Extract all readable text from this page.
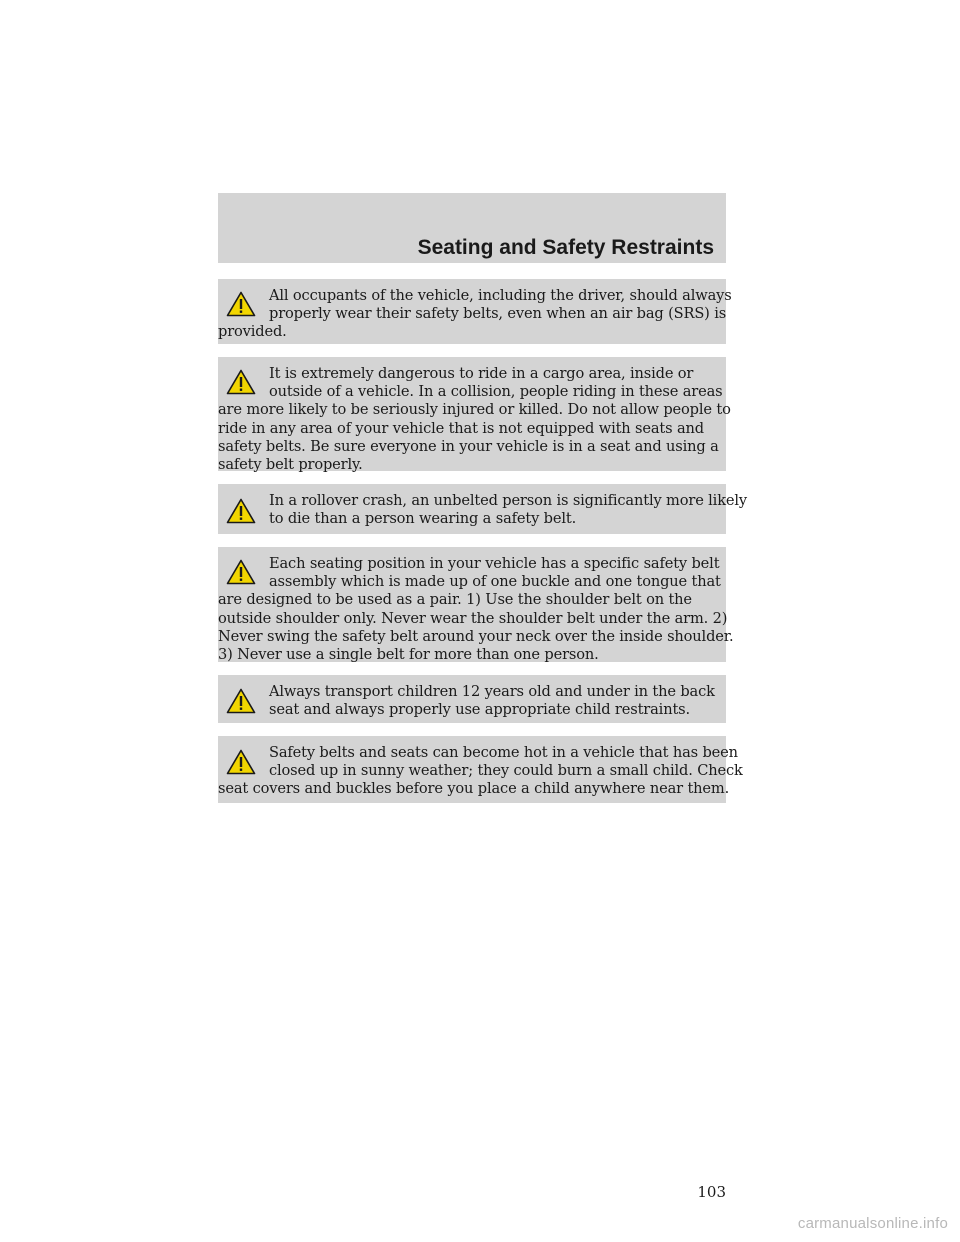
Seating and Safety Restraints

All occupants of the vehicle, including the driver, should always
properly wear their safety belts, even when an air bag (SRS) is
provided.

It is extremely dangerous to ride in a cargo area, inside or
outside of a vehicle. In a collision, people riding in these areas
are more likely to be seriously injured or killed. Do not allow people to
ride in any area of your vehicle that is not equipped with seats and
safety belts. Be sure everyone in your vehicle is in a seat and using a
safety belt properly.

In a rollover crash, an unbelted person is significantly more likely
to die than a person wearing a safety belt.

Each seating position in your vehicle has a specific safety belt
assembly which is made up of one buckle and one tongue that
are designed to be used as a pair. 1) Use the shoulder belt on the
outside shoulder only. Never wear the shoulder belt under the arm. 2)
Never swing the safety belt around your neck over the inside shoulder.
3) Never use a single belt for more than one person.

Always transport children 12 years old and under in the back
seat and always properly use appropriate child restraints.

Safety belts and seats can become hot in a vehicle that has been
closed up in sunny weather; they could burn a small child. Check
seat covers and buckles before you place a child anywhere near them.

103
carmanualsonline.info
